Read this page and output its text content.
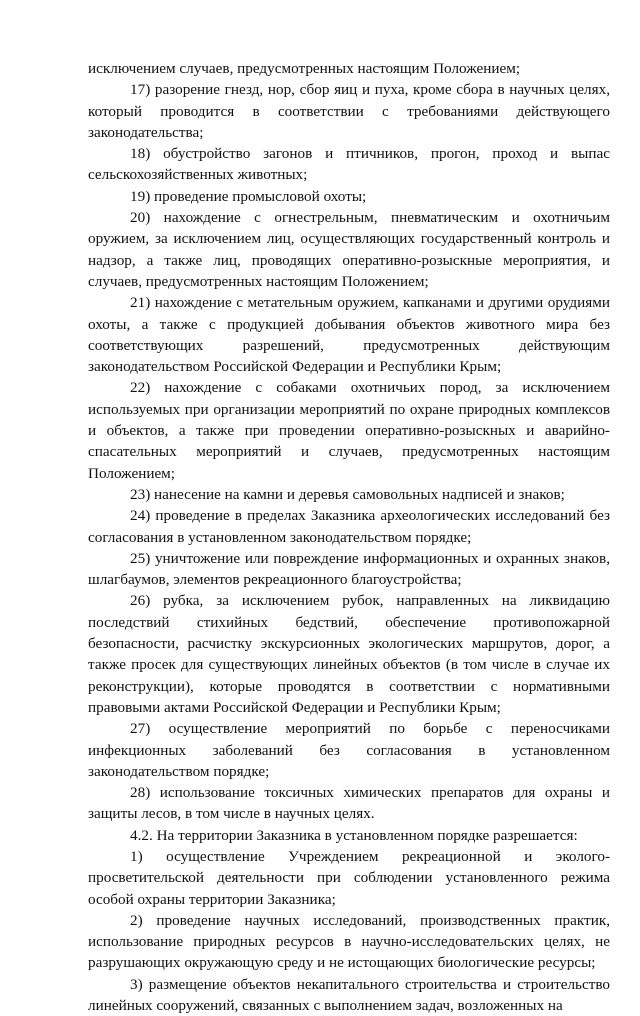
исключением случаев, предусмотренных настоящим Положением;

17) разорение гнезд, нор, сбор яиц и пуха, кроме сбора в научных целях, который проводится в соответствии с требованиями действующего законодательства;

18) обустройство загонов и птичников, прогон, проход и выпас сельскохозяйственных животных;

19) проведение промысловой охоты;

20) нахождение с огнестрельным, пневматическим и охотничьим оружием, за исключением лиц, осуществляющих государственный контроль и надзор, а также лиц, проводящих оперативно-розыскные мероприятия, и случаев, предусмотренных настоящим Положением;

21) нахождение с метательным оружием, капканами и другими орудиями охоты, а также с продукцией добывания объектов животного мира без соответствующих разрешений, предусмотренных действующим законодательством Российской Федерации и Республики Крым;

22) нахождение с собаками охотничьих пород, за исключением используемых при организации мероприятий по охране природных комплексов и объектов, а также при проведении оперативно-розыскных и аварийно-спасательных мероприятий и случаев, предусмотренных настоящим Положением;

23) нанесение на камни и деревья самовольных надписей и знаков;

24) проведение в пределах Заказника археологических исследований без согласования в установленном законодательством порядке;

25) уничтожение или повреждение информационных и охранных знаков, шлагбаумов, элементов рекреационного благоустройства;

26) рубка, за исключением рубок, направленных на ликвидацию последствий стихийных бедствий, обеспечение противопожарной безопасности, расчистку экскурсионных экологических маршрутов, дорог, а также просек для существующих линейных объектов (в том числе в случае их реконструкции), которые проводятся в соответствии с нормативными правовыми актами Российской Федерации и Республики Крым;

27) осуществление мероприятий по борьбе с переносчиками инфекционных заболеваний без согласования в установленном законодательством порядке;

28) использование токсичных химических препаратов для охраны и защиты лесов, в том числе в научных целях.

4.2. На территории Заказника в установленном порядке разрешается:

1) осуществление Учреждением рекреационной и эколого-просветительской деятельности при соблюдении установленного режима особой охраны территории Заказника;

2) проведение научных исследований, производственных практик, использование природных ресурсов в научно-исследовательских целях, не разрушающих окружающую среду и не истощающих биологические ресурсы;

3) размещение объектов некапитального строительства и строительство линейных сооружений, связанных с выполнением задач, возложенных на
